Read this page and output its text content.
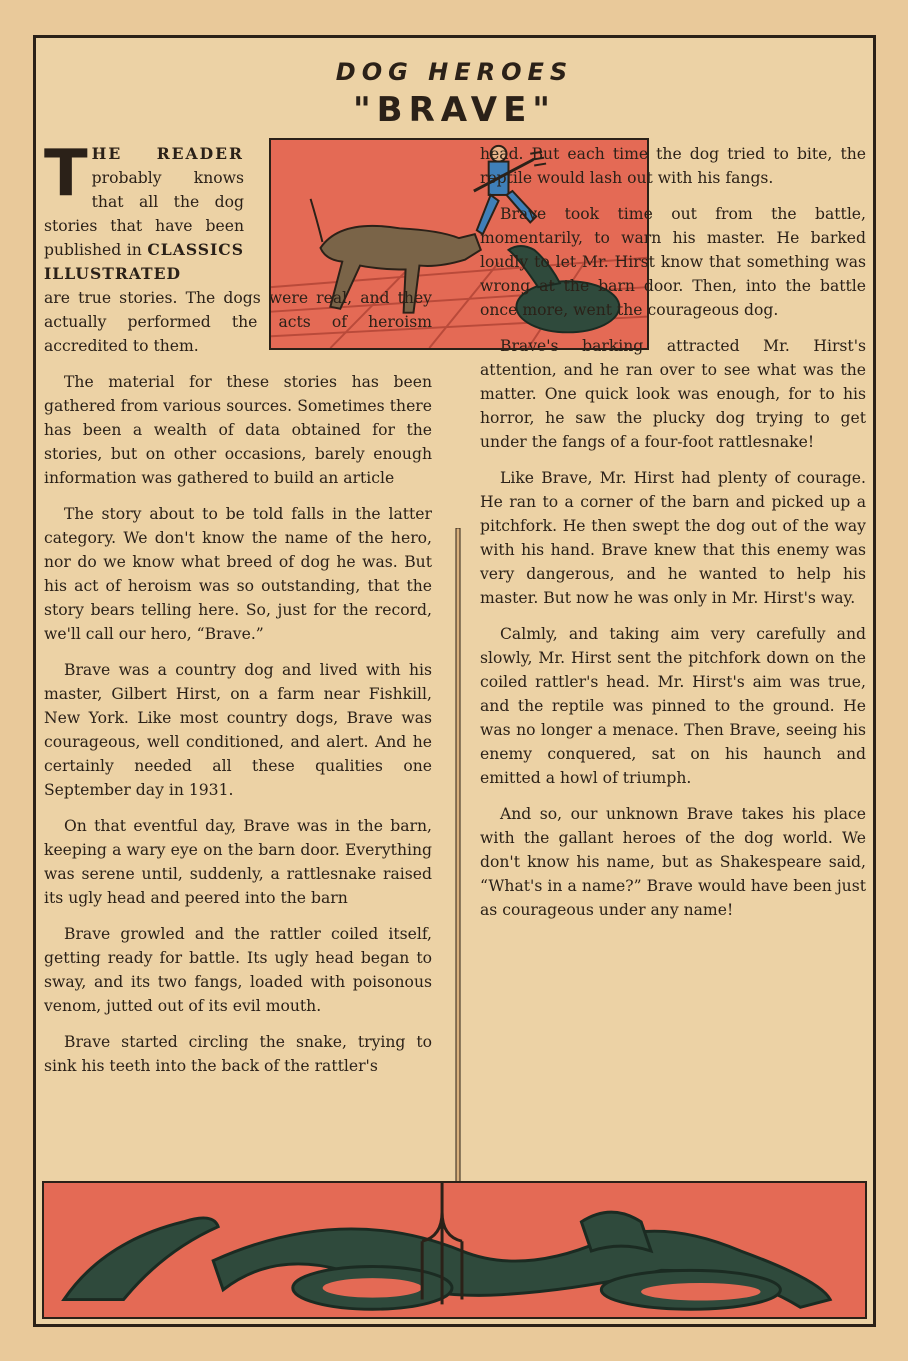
DOG HEROES
"BRAVE"
T HE READER probably knows that all the dog stories that have been published in CLASSICS ILLUSTRATED

are true stories. The dogs were real, and they actually performed the acts of heroism accredited to them.

The material for these stories has been gathered from various sources. Sometimes there has been a wealth of data obtained for the stories, but on other occasions, barely enough information was gathered to build an article

The story about to be told falls in the latter category. We don't know the name of the hero, nor do we know what breed of dog he was. But his act of heroism was so outstanding, that the story bears telling here. So, just for the record, we'll call our hero, “Brave.”

Brave was a country dog and lived with his master, Gilbert Hirst, on a farm near Fishkill, New York. Like most country dogs, Brave was courageous, well conditioned, and alert. And he certainly needed all these qualities one September day in 1931.

On that eventful day, Brave was in the barn, keeping a wary eye on the barn door. Everything was serene until, suddenly, a rattlesnake raised its ugly head and peered into the barn

Brave growled and the rattler coiled itself, getting ready for battle. Its ugly head began to sway, and its two fangs, loaded with poisonous venom, jutted out of its evil mouth.

Brave started circling the snake, trying to sink his teeth into the back of the rattler's

head. But each time the dog tried to bite, the reptile would lash out with his fangs.

Brave took time out from the battle, momentarily, to warn his master. He barked loudly to let Mr. Hirst know that something was wrong at the barn door. Then, into the battle once more, went the courageous dog.

Brave's barking attracted Mr. Hirst's attention, and he ran over to see what was the matter. One quick look was enough, for to his horror, he saw the plucky dog trying to get under the fangs of a four-foot rattlesnake!

Like Brave, Mr. Hirst had plenty of courage. He ran to a corner of the barn and picked up a pitchfork. He then swept the dog out of the way with his hand. Brave knew that this enemy was very dangerous, and he wanted to help his master. But now he was only in Mr. Hirst's way.

Calmly, and taking aim very carefully and slowly, Mr. Hirst sent the pitchfork down on the coiled rattler's head. Mr. Hirst's aim was true, and the reptile was pinned to the ground. He was no longer a menace. Then Brave, seeing his enemy conquered, sat on his haunch and emitted a howl of triumph.

And so, our unknown Brave takes his place with the gallant heroes of the dog world. We don't know his name, but as Shakespeare said, “What's in a name?” Brave would have been just as courageous under any name!
